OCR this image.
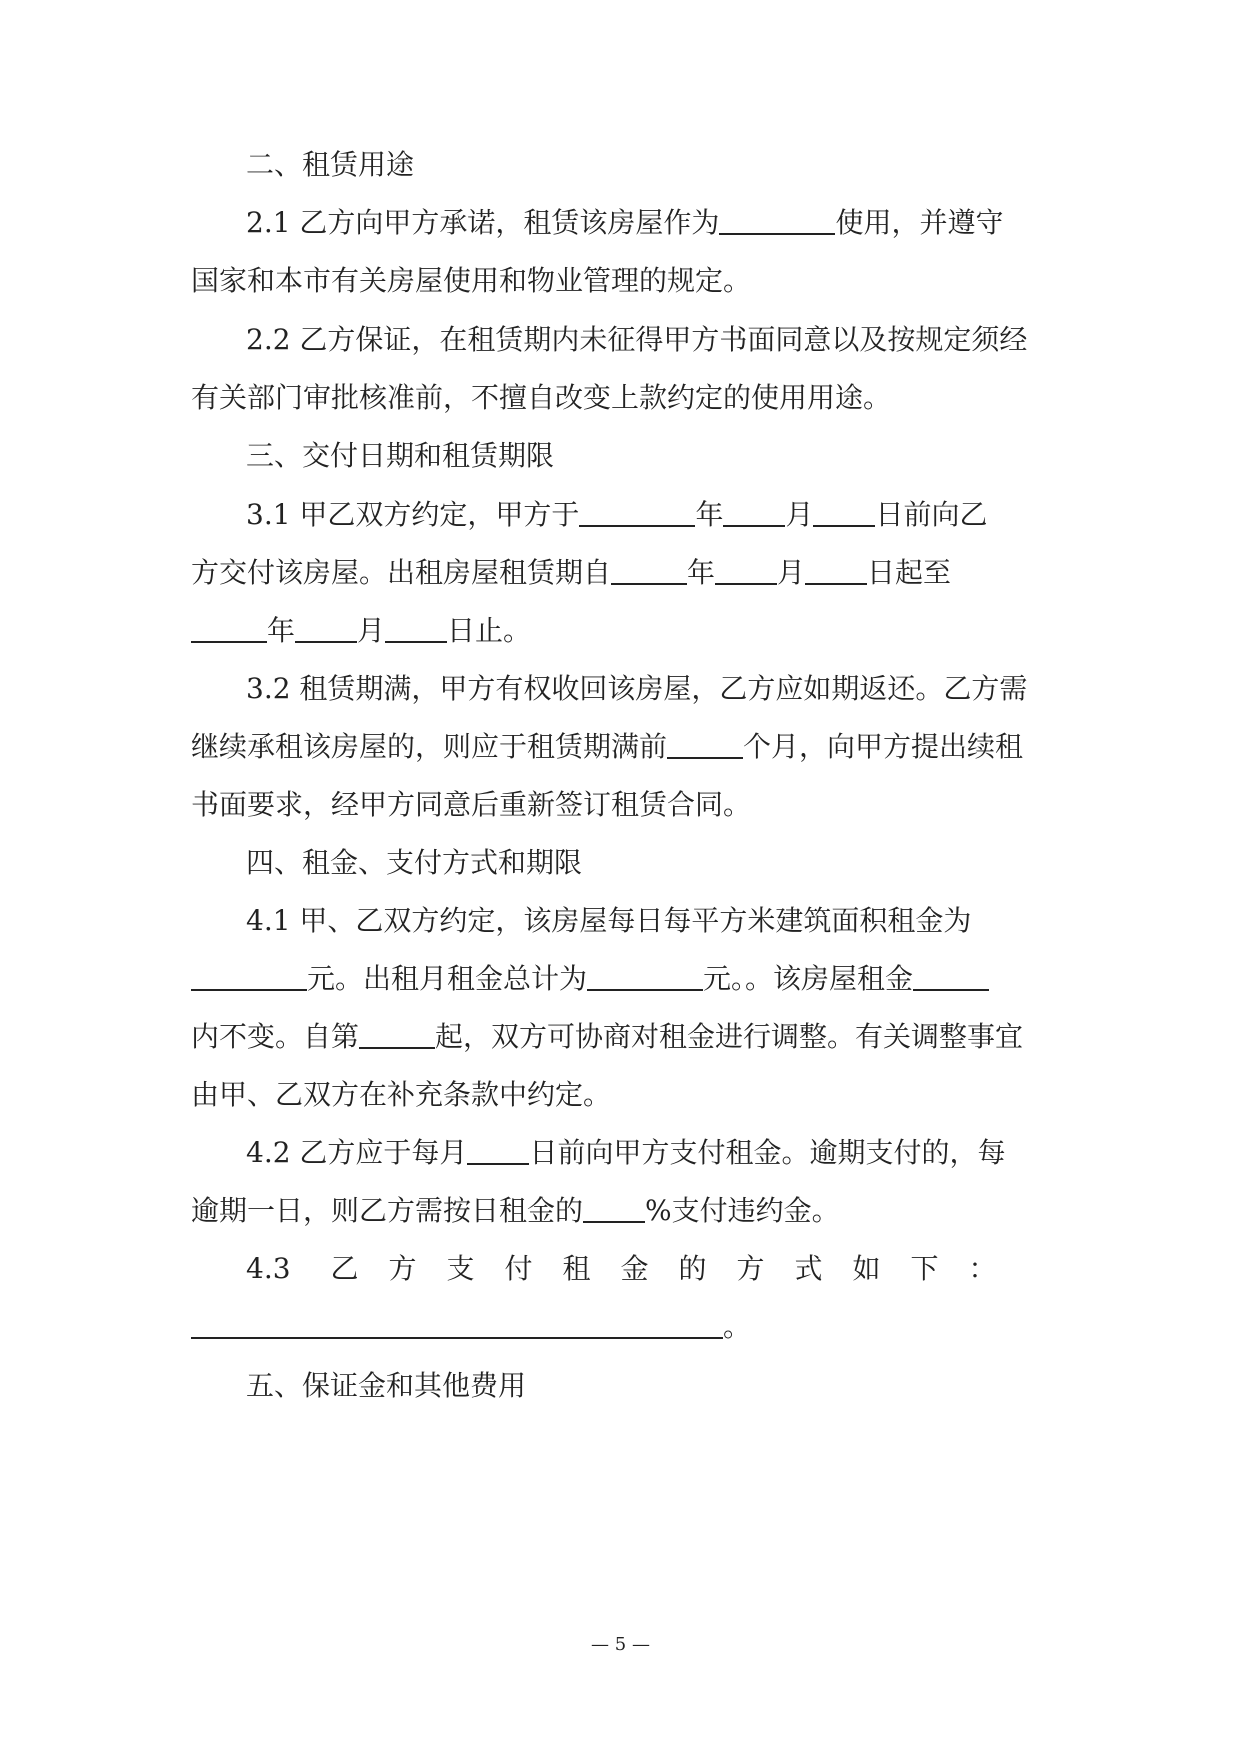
二、租赁用途
2.1 乙方向甲方承诺，租赁该房屋作为	使用，并遵守
国家和本市有关房屋使用和物业管理的规定。
2.2 乙方保证，在租赁期内未征得甲方书面同意以及按规定须经
有关部门审批核准前，不擅自改变上款约定的使用用途。
三、交付日期和租赁期限
3.1 甲乙双方约定，甲方于	年 月 日前向乙
方交付该房屋。出租房屋租赁期自	年 月 日起至
年 月 日止。
3.2 租赁期满，甲方有权收回该房屋，乙方应如期返还。乙方需
继续承租该房屋的，则应于租赁期满前	个月，向甲方提出续租
书面要求，经甲方同意后重新签订租赁合同。
四、租金、支付方式和期限
4.1 甲、乙双方约定，该房屋每日每平方米建筑面积租金为
元。出租月租金总计为	元。。该房屋租金
内不变。自第	起，双方可协商对租金进行调整。有关调整事宜
由甲、乙双方在补充条款中约定。
4.2 乙方应于每月 日前向甲方支付租金。逾期支付的，每
逾期一日，则乙方需按日租金的 %支付违约金。
4.3 乙方支付租金的方式如下：
。
五、保证金和其他费用
— 5 —
